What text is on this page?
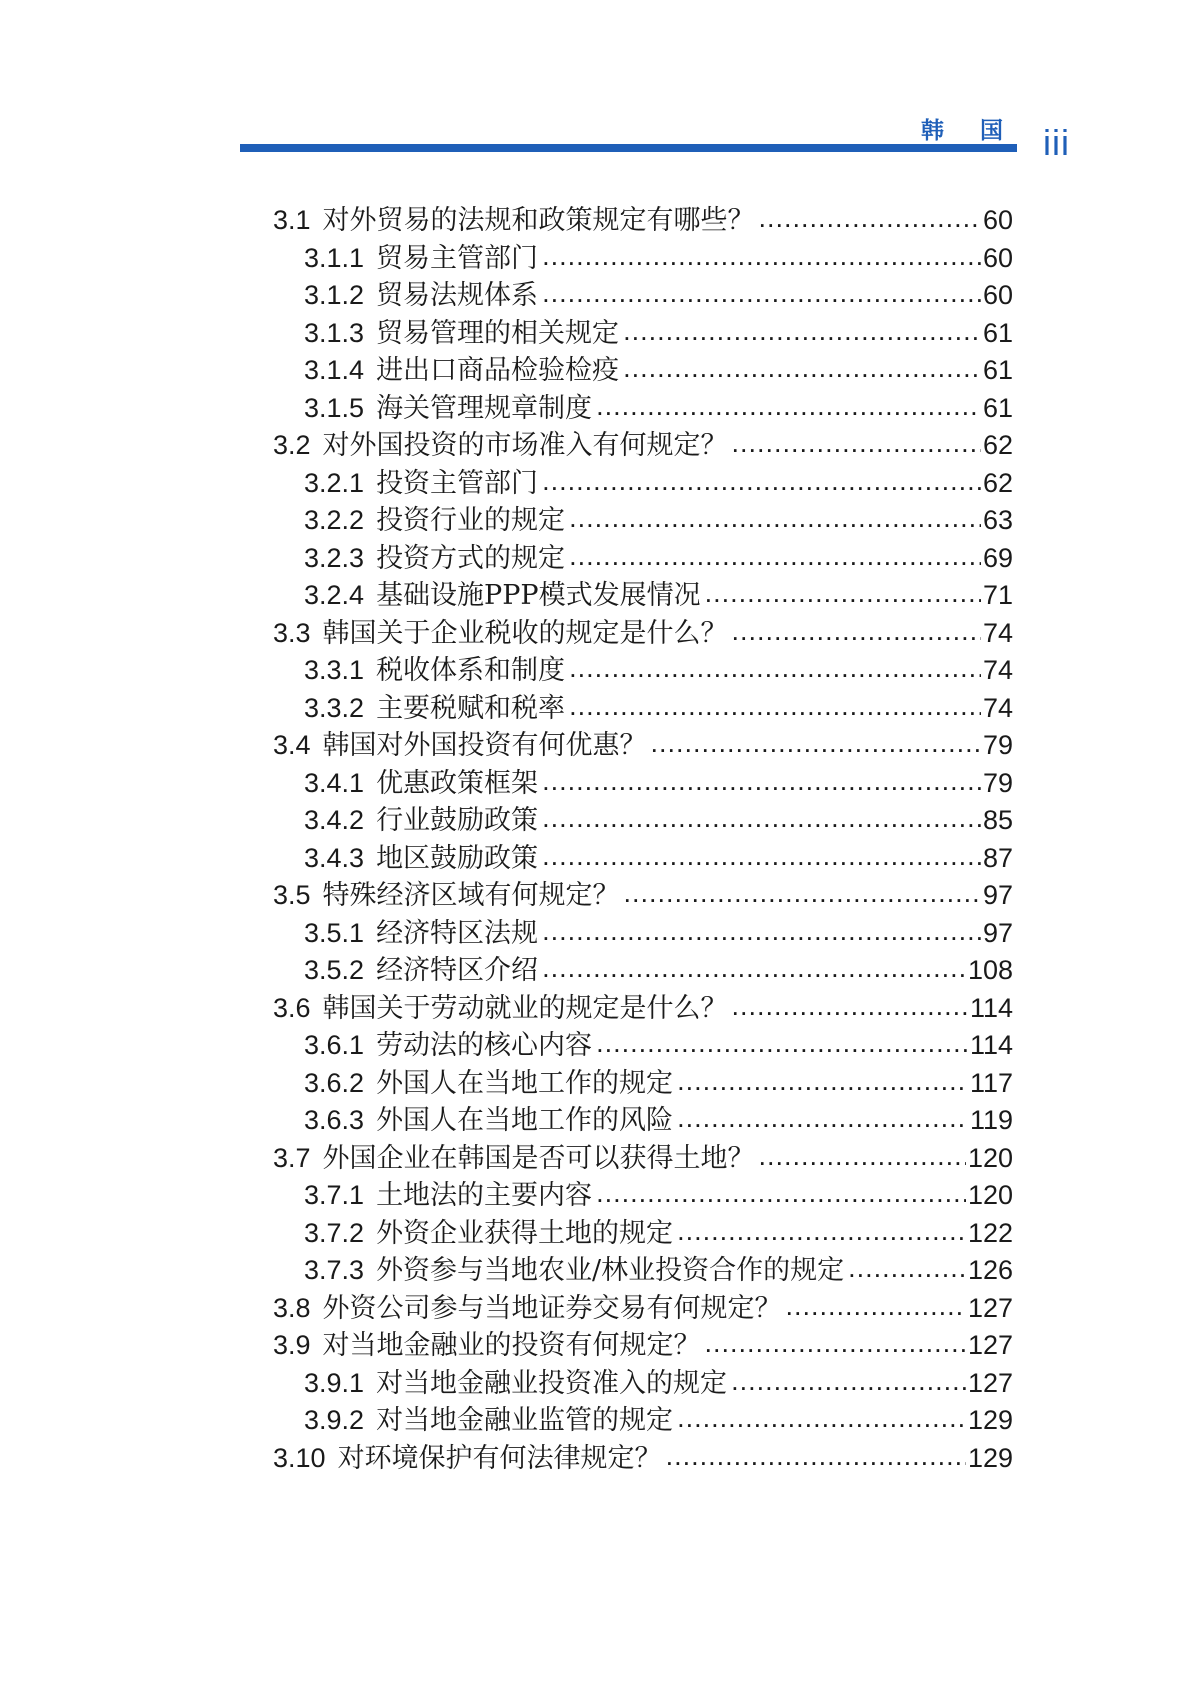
韩 国 iii
3.1 对外贸易的法规和政策规定有哪些？ .....	60
3.1.1 贸易主管部门 .....	60
3.1.2 贸易法规体系 .....	60
3.1.3 贸易管理的相关规定 .....	61
3.1.4 进出口商品检验检疫 .....	61
3.1.5 海关管理规章制度 .....	61
3.2 对外国投资的市场准入有何规定？ .....	62
3.2.1 投资主管部门 .....	62
3.2.2 投资行业的规定 .....	63
3.2.3 投资方式的规定 .....	69
3.2.4 基础设施PPP模式发展情况 .....	71
3.3 韩国关于企业税收的规定是什么？ .....	74
3.3.1 税收体系和制度 .....	74
3.3.2 主要税赋和税率 .....	74
3.4 韩国对外国投资有何优惠？ .....	79
3.4.1 优惠政策框架 .....	79
3.4.2 行业鼓励政策 .....	85
3.4.3 地区鼓励政策 .....	87
3.5 特殊经济区域有何规定？ .....	97
3.5.1 经济特区法规 .....	97
3.5.2 经济特区介绍 .....	108
3.6 韩国关于劳动就业的规定是什么？ .....	114
3.6.1 劳动法的核心内容 .....	114
3.6.2 外国人在当地工作的规定 .....	117
3.6.3 外国人在当地工作的风险 .....	119
3.7 外国企业在韩国是否可以获得土地？ .....	120
3.7.1 土地法的主要内容 .....	120
3.7.2 外资企业获得土地的规定 .....	122
3.7.3 外资参与当地农业/林业投资合作的规定 .....	126
3.8 外资公司参与当地证券交易有何规定？ .....	127
3.9 对当地金融业的投资有何规定？ .....	127
3.9.1 对当地金融业投资准入的规定 .....	127
3.9.2 对当地金融业监管的规定 .....	129
3.10 对环境保护有何法律规定？ .....	129
